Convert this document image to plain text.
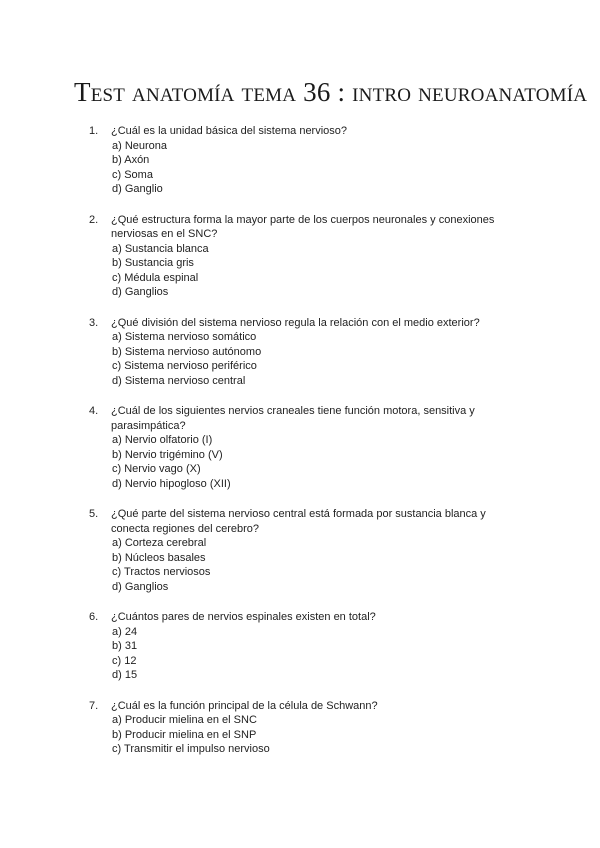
Test anatomía tema 36 : intro neuroanatomía
1. ¿Cuál es la unidad básica del sistema nervioso?
a) Neurona
b) Axón
c) Soma
d) Ganglio
2. ¿Qué estructura forma la mayor parte de los cuerpos neuronales y conexiones nerviosas en el SNC?
a) Sustancia blanca
b) Sustancia gris
c) Médula espinal
d) Ganglios
3. ¿Qué división del sistema nervioso regula la relación con el medio exterior?
a) Sistema nervioso somático
b) Sistema nervioso autónomo
c) Sistema nervioso periférico
d) Sistema nervioso central
4. ¿Cuál de los siguientes nervios craneales tiene función motora, sensitiva y parasimpática?
a) Nervio olfatorio (I)
b) Nervio trigémino (V)
c) Nervio vago (X)
d) Nervio hipogloso (XII)
5. ¿Qué parte del sistema nervioso central está formada por sustancia blanca y conecta regiones del cerebro?
a) Corteza cerebral
b) Núcleos basales
c) Tractos nerviosos
d) Ganglios
6. ¿Cuántos pares de nervios espinales existen en total?
a) 24
b) 31
c) 12
d) 15
7. ¿Cuál es la función principal de la célula de Schwann?
a) Producir mielina en el SNC
b) Producir mielina en el SNP
c) Transmitir el impulso nervioso
